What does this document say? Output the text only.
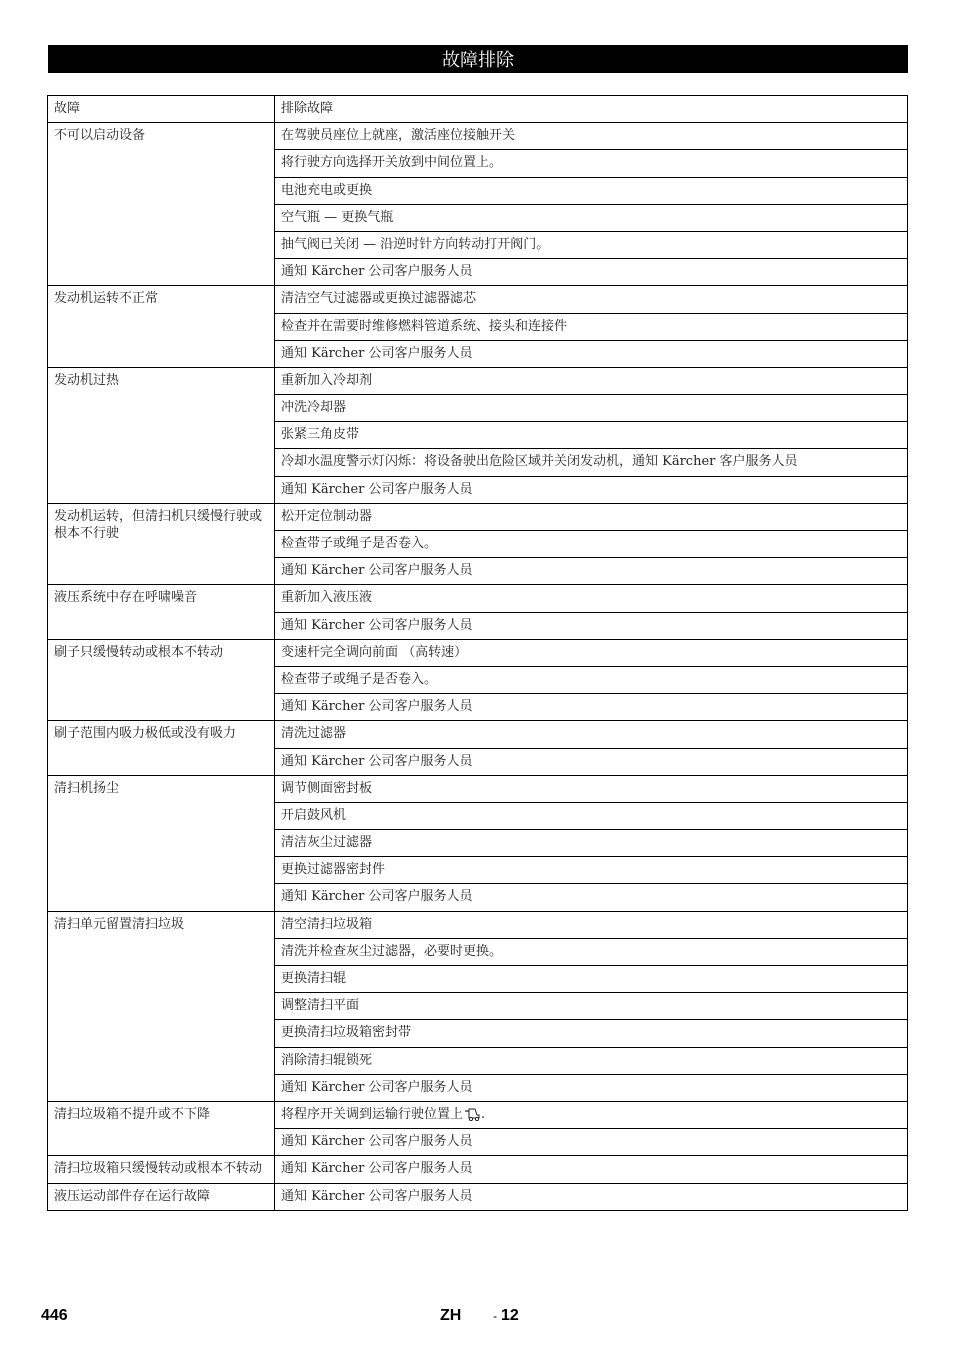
故障排除
故障	排除故障
不可以启动设备	在驾驶员座位上就座，激活座位接触开关
	将行驶方向选择开关放到中间位置上。
	电池充电或更换
	空气瓶 — 更换气瓶
	抽气阀已关闭 — 沿逆时针方向转动打开阀门。
	通知 Kärcher 公司客户服务人员
发动机运转不正常	清洁空气过滤器或更换过滤器滤芯
	检查并在需要时维修燃料管道系统、接头和连接件
	通知 Kärcher 公司客户服务人员
发动机过热	重新加入冷却剂
	冲洗冷却器
	张紧三角皮带
	冷却水温度警示灯闪烁：将设备驶出危险区域并关闭发动机，通知 Kärcher 客户服务人员
	通知 Kärcher 公司客户服务人员
发动机运转，但清扫机只缓慢行驶或根本不行驶	松开定位制动器
	检查带子或绳子是否卷入。
	通知 Kärcher 公司客户服务人员
液压系统中存在呼啸噪音	重新加入液压液
	通知 Kärcher 公司客户服务人员
刷子只缓慢转动或根本不转动	变速杆完全调向前面 （高转速）
	检查带子或绳子是否卷入。
	通知 Kärcher 公司客户服务人员
刷子范围内吸力极低或没有吸力	清洗过滤器
	通知 Kärcher 公司客户服务人员
清扫机扬尘	调节侧面密封板
	开启鼓风机
	清洁灰尘过滤器
	更换过滤器密封件
	通知 Kärcher 公司客户服务人员
清扫单元留置清扫垃圾	清空清扫垃圾箱
	清洗并检查灰尘过滤器，必要时更换。
	更换清扫辊
	调整清扫平面
	更换清扫垃圾箱密封带
	消除清扫辊锁死
	通知 Kärcher 公司客户服务人员
清扫垃圾箱不提升或不下降	将程序开关调到运输行驶位置上 .
	通知 Kärcher 公司客户服务人员
清扫垃圾箱只缓慢转动或根本不转动	通知 Kärcher 公司客户服务人员
液压运动部件存在运行故障	通知 Kärcher 公司客户服务人员
446	ZH	- 12
